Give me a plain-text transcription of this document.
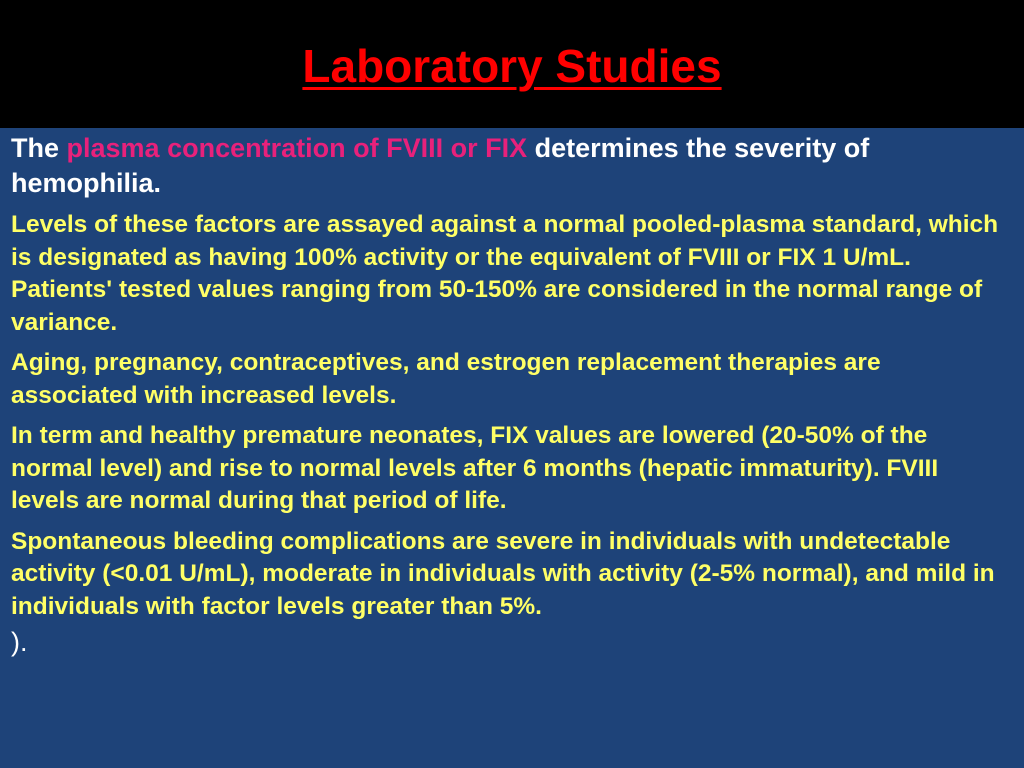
Laboratory Studies

The plasma concentration of FVIII or FIX determines the severity of hemophilia.

Levels of these factors are assayed against a normal pooled-plasma standard, which is designated as having 100% activity or the equivalent of FVIII or FIX 1 U/mL. Patients' tested values ranging from 50-150% are considered in the normal range of variance.

Aging, pregnancy, contraceptives, and estrogen replacement therapies are associated with increased levels.

In term and healthy premature neonates, FIX values are lowered (20-50% of the normal level) and rise to normal levels after 6 months (hepatic immaturity). FVIII levels are normal during that period of life.

Spontaneous bleeding complications are severe in individuals with undetectable activity (<0.01 U/mL), moderate in individuals with activity (2-5% normal), and mild in individuals with factor levels greater than 5%.

).
